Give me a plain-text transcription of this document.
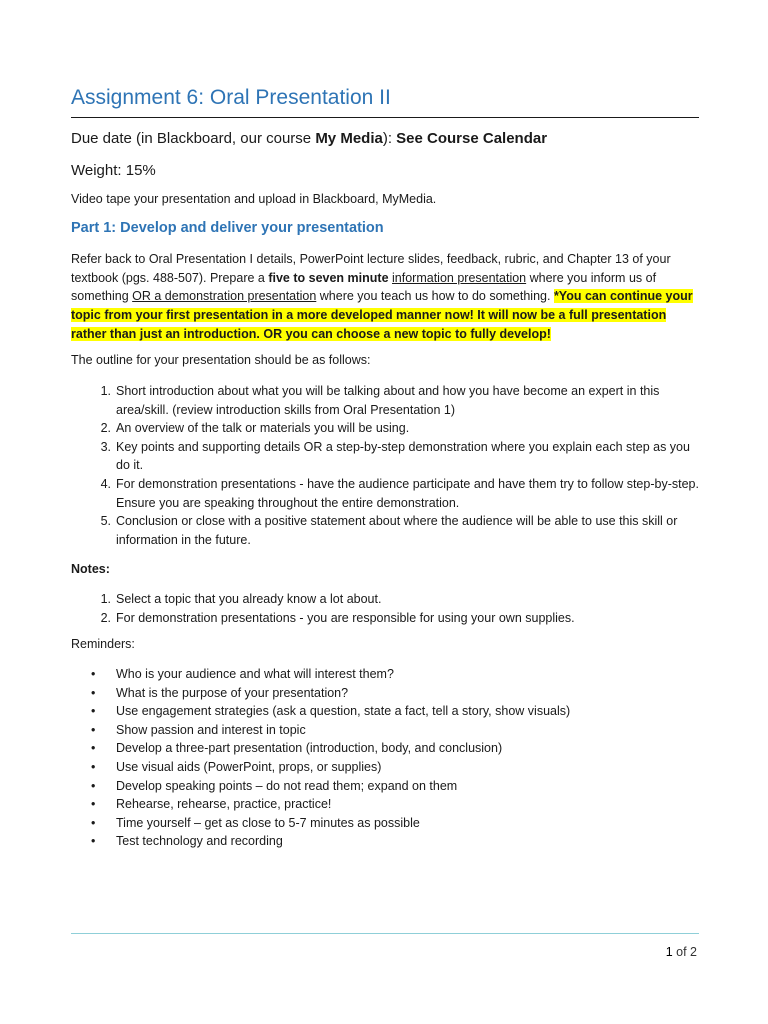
Assignment 6: Oral Presentation II
Due date (in Blackboard, our course My Media): See Course Calendar
Weight: 15%
Video tape your presentation and upload in Blackboard, MyMedia.
Part 1: Develop and deliver your presentation

Refer back to Oral Presentation I details, PowerPoint lecture slides, feedback, rubric, and Chapter 13 of your textbook (pgs. 488-507). Prepare a five to seven minute information presentation where you inform us of something OR a demonstration presentation where you teach us how to do something. *You can continue your topic from your first presentation in a more developed manner now! It will now be a full presentation rather than just an introduction. OR you can choose a new topic to fully develop!

The outline for your presentation should be as follows:
1. Short introduction about what you will be talking about and how you have become an expert in this area/skill. (review introduction skills from Oral Presentation 1)
2. An overview of the talk or materials you will be using.
3. Key points and supporting details OR a step-by-step demonstration where you explain each step as you do it.
4. For demonstration presentations - have the audience participate and have them try to follow step-by-step. Ensure you are speaking throughout the entire demonstration.
5. Conclusion or close with a positive statement about where the audience will be able to use this skill or information in the future.
Notes:
1. Select a topic that you already know a lot about.
2. For demonstration presentations - you are responsible for using your own supplies.
Reminders:
• Who is your audience and what will interest them?
• What is the purpose of your presentation?
• Use engagement strategies (ask a question, state a fact, tell a story, show visuals)
• Show passion and interest in topic
• Develop a three-part presentation (introduction, body, and conclusion)
• Use visual aids (PowerPoint, props, or supplies)
• Develop speaking points – do not read them; expand on them
• Rehearse, rehearse, practice, practice!
• Time yourself – get as close to 5-7 minutes as possible
• Test technology and recording
1 of 2
